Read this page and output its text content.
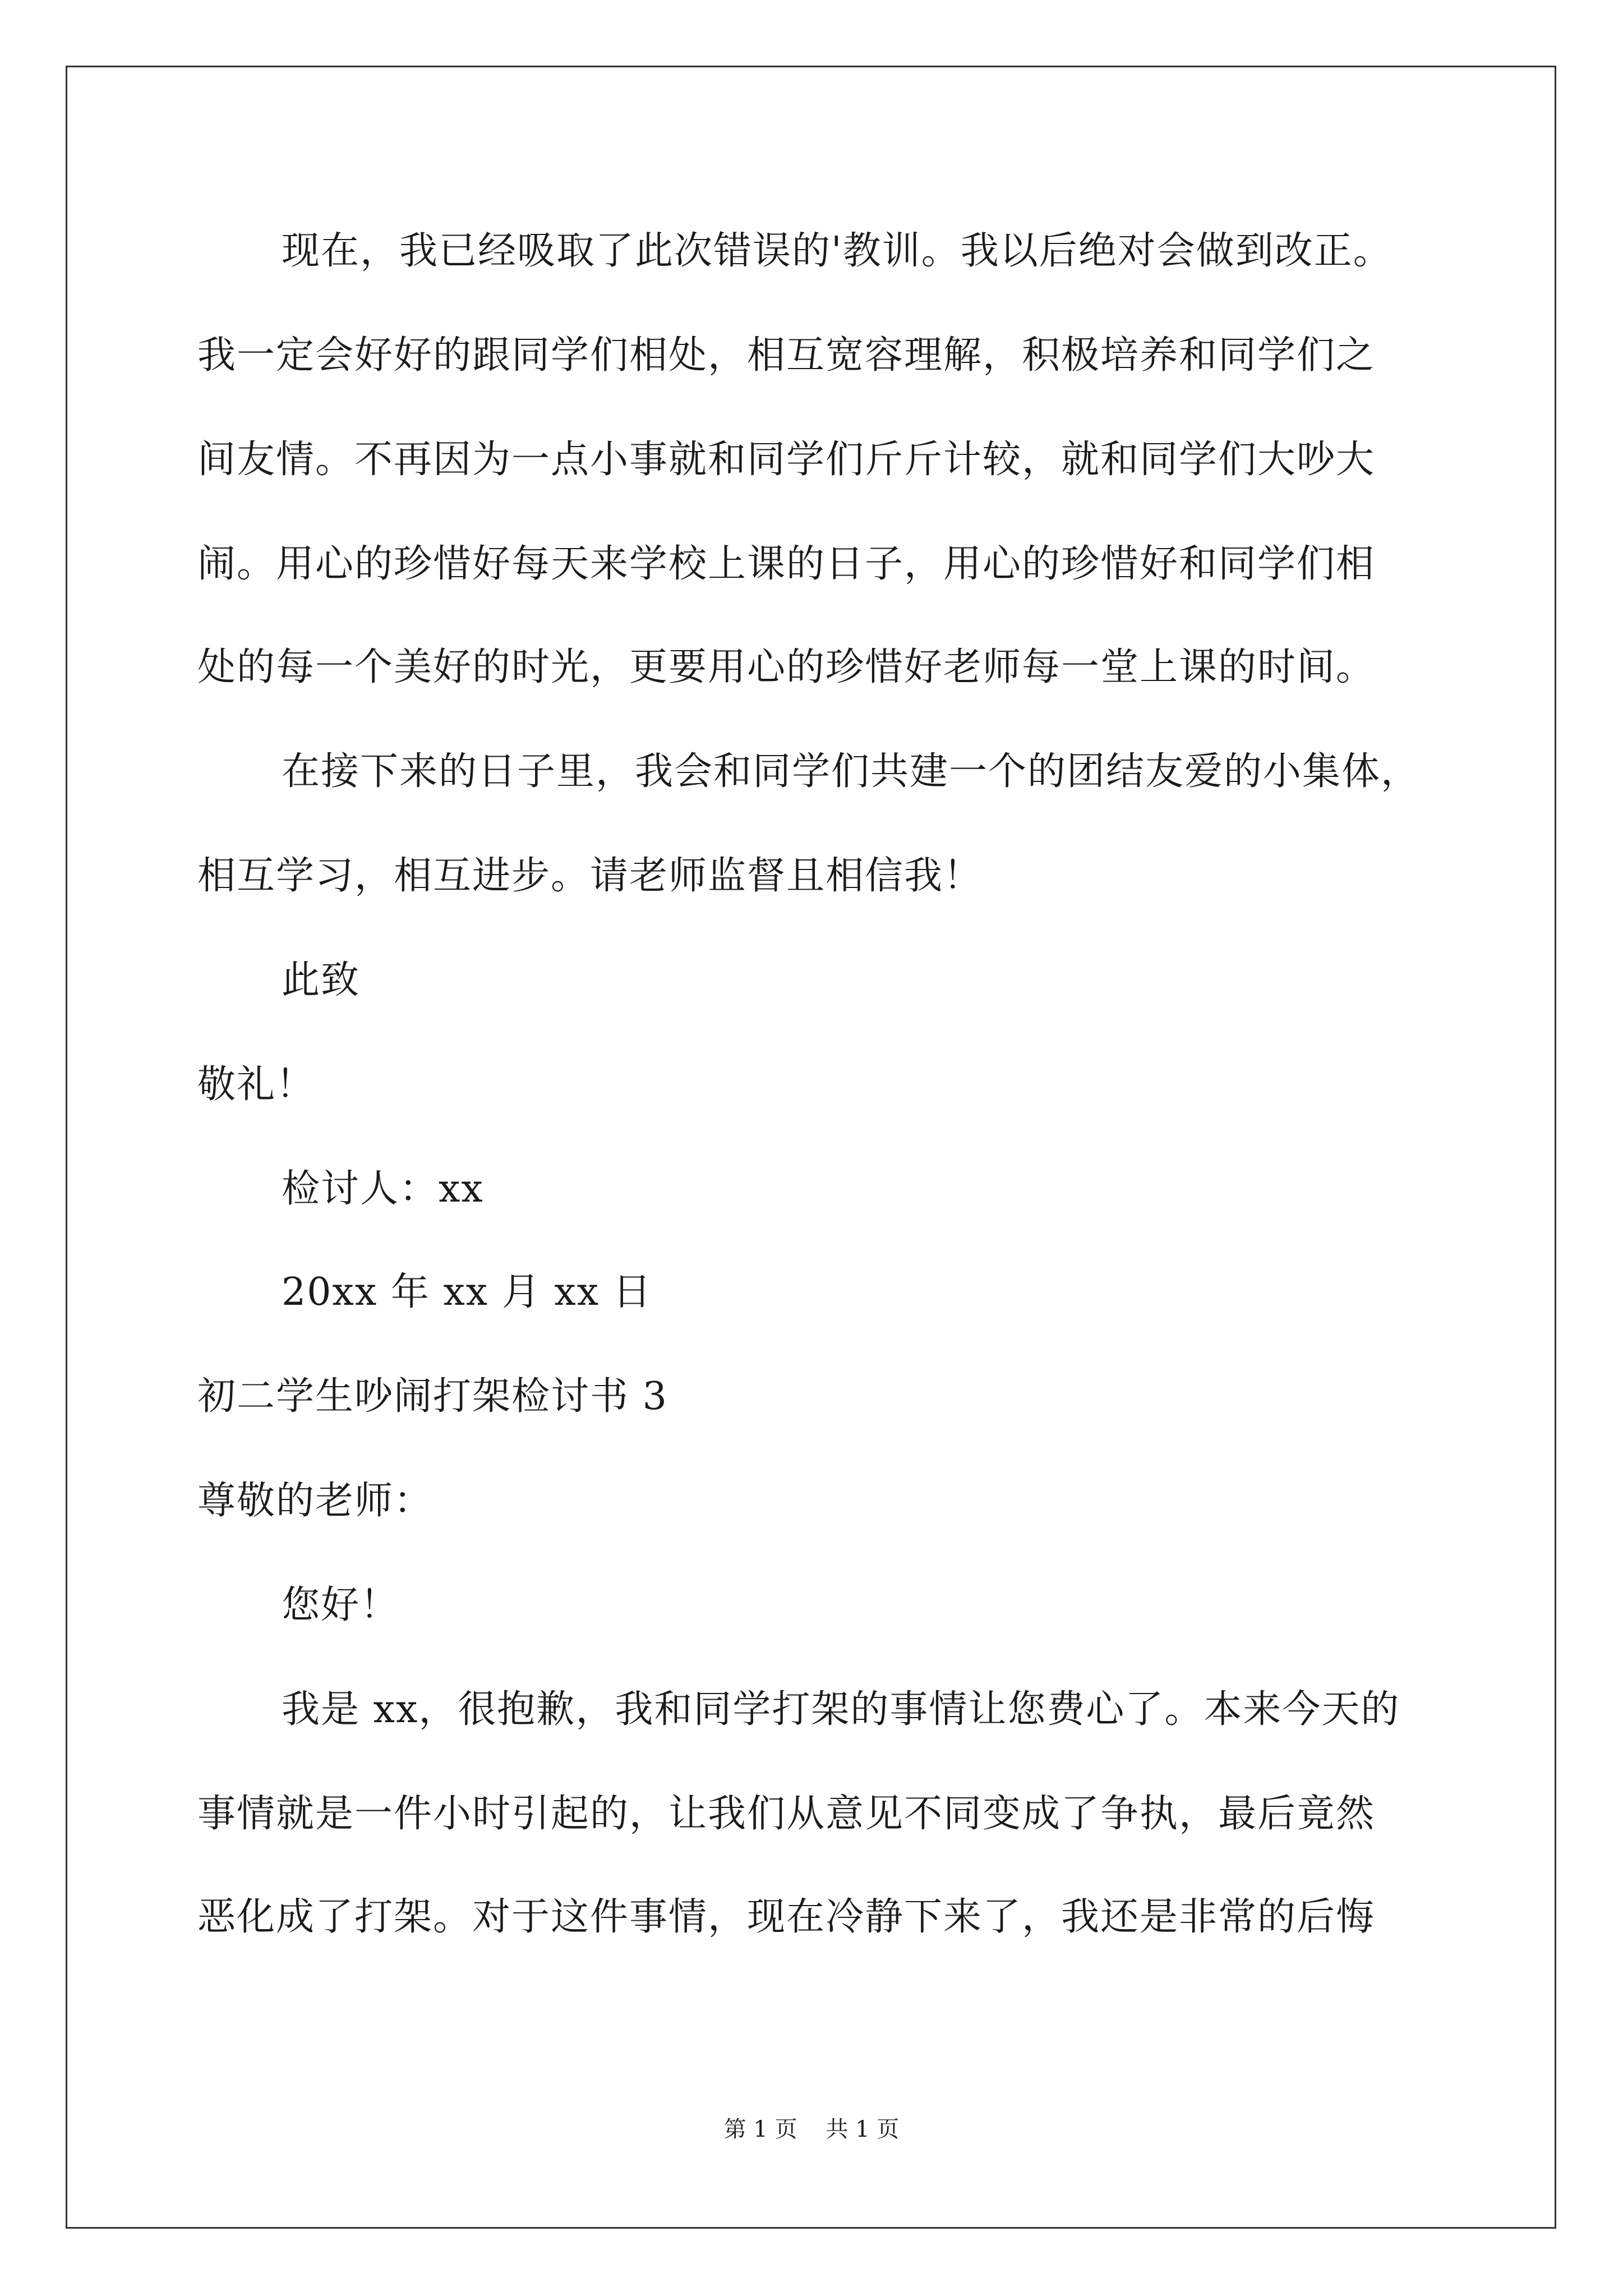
现在，我已经吸取了此次错误的'教训。我以后绝对会做到改正。
我一定会好好的跟同学们相处，相互宽容理解，积极培养和同学们之
间友情。不再因为一点小事就和同学们斤斤计较，就和同学们大吵大
闹。用心的珍惜好每天来学校上课的日子，用心的珍惜好和同学们相
处的每一个美好的时光，更要用心的珍惜好老师每一堂上课的时间。
在接下来的日子里，我会和同学们共建一个的团结友爱的小集体，
相互学习，相互进步。请老师监督且相信我！
此致
敬礼！
检讨人：xx
20xx 年 xx 月 xx 日
初二学生吵闹打架检讨书 3
尊敬的老师：
您好！
我是 xx，很抱歉，我和同学打架的事情让您费心了。本来今天的
事情就是一件小时引起的，让我们从意见不同变成了争执，最后竟然
恶化成了打架。对于这件事情，现在冷静下来了，我还是非常的后悔
第 1 页    共 1 页
